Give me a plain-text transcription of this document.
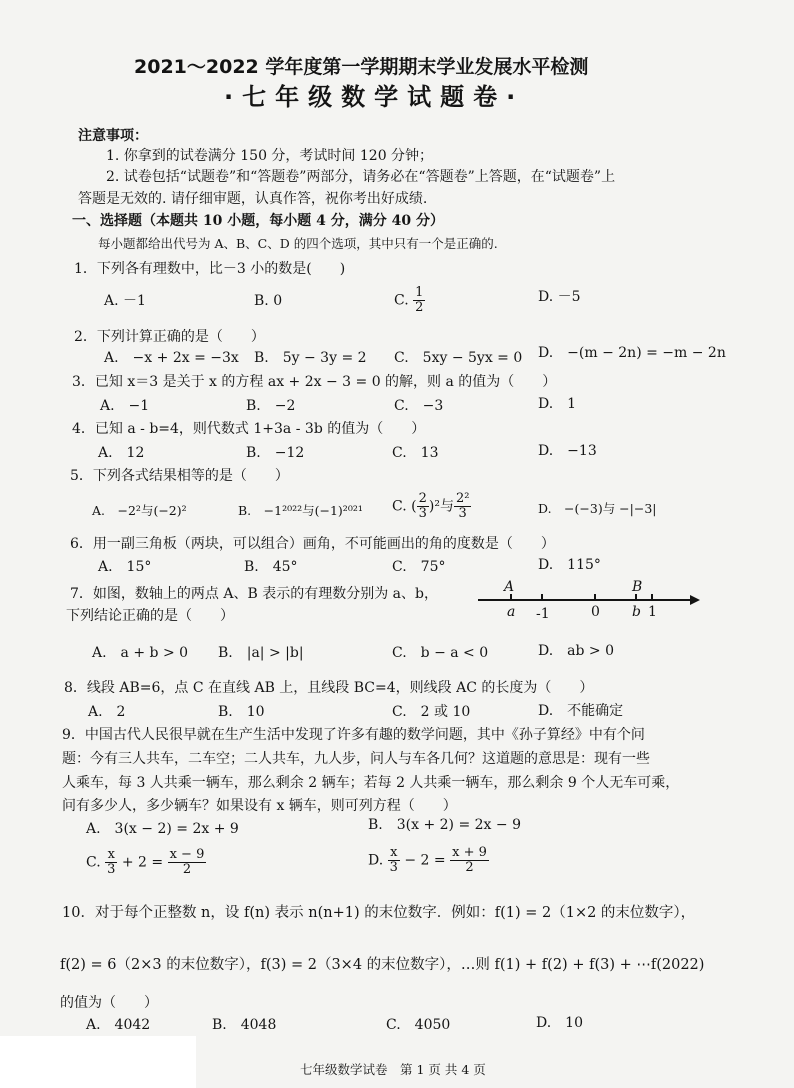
2021～2022 学年度第一学期期末学业发展水平检测
·七年级数学试题卷·
注意事项：
1. 你拿到的试卷满分 150 分，考试时间 120 分钟；
2. 试卷包括“试题卷”和“答题卷”两部分，请务必在“答题卷”上答题，在“试题卷”上
答题是无效的. 请仔细审题，认真作答，祝你考出好成绩.
一、选择题（本题共 10 小题，每小题 4 分，满分 40 分）
每小题都给出代号为 A、B、C、D 的四个选项，其中只有一个是正确的.
1．下列各有理数中，比－3 小的数是(　　)
A. －1	B. 0	C. $\frac{1}{2}$	D. －5
2．下列计算正确的是（　　）
A.　−x + 2x = −3x B.　5y − 3y = 2 C.　5xy − 5yx = 0 D.　−(m − 2n) = −m − 2n
3．已知 x＝3 是关于 x 的方程 ax + 2x − 3 = 0 的解，则 a 的值为（　　）
A.　−1	B.　−2	C.　−3	D.　1
4．已知 a - b=4，则代数式 1+3a - 3b 的值为（　　）
A.　12	B.　−12	C.　13	D.　−13
5．下列各式结果相等的是（　　）
A.　−2²与(−2)²	B.　−1²⁰²²与(−1)²⁰²¹ C. ( $\frac{2}{3} )^2$与 $\frac{\text{2²}}{3}$	D.　−(−3)与 −|−3|
6．用一副三角板（两块，可以组合）画角，不可能画出的角的度数是（　　）
A.　15°	B.　45°	C.　75°	D.　115°
7．如图，数轴上的两点 A、B 表示的有理数分别为 a、b，
下列结论正确的是（　　）
A	B
a -1	0 b 1
A.　a + b > 0 B.　|a| > |b|	C.　b − a < 0	D.　ab > 0
8．线段 AB=6，点 C 在直线 AB 上，且线段 BC=4，则线段 AC 的长度为（　　）
A.　2	B.　10	C.　2 或 10	D.　不能确定
9．中国古代人民很早就在生产生活中发现了许多有趣的数学问题，其中《孙子算经》中有个问
题：今有三人共车，二车空；二人共车，九人步，问人与车各几何？这道题的意思是：现有一些
人乘车，每 3 人共乘一辆车，那么剩余 2 辆车；若每 2 人共乘一辆车，那么剩余 9 个人无车可乘，
问有多少人，多少辆车？如果设有 x 辆车，则可列方程（　　）
A.　3(x − 2) = 2x + 9	B.　3(x + 2) = 2x − 9
C. $\frac{x}{3} + 2 = \frac{x - 9}{2}$	D. $\frac{x}{3} - 2 = \frac{x + 9}{2}$
10．对于每个正整数 n，设 f(n) 表示 n(n+1) 的末位数字．例如：f(1) = 2（1×2 的末位数字），
f(2) = 6（2×3 的末位数字），f(3) = 2（3×4 的末位数字），…则 f(1) + f(2) + f(3) + ⋯f(2022)
的值为（　　）
A.　4042	B.　4048	C.　4050	D.　10
七年级数学试卷　第 1 页 共 4 页
